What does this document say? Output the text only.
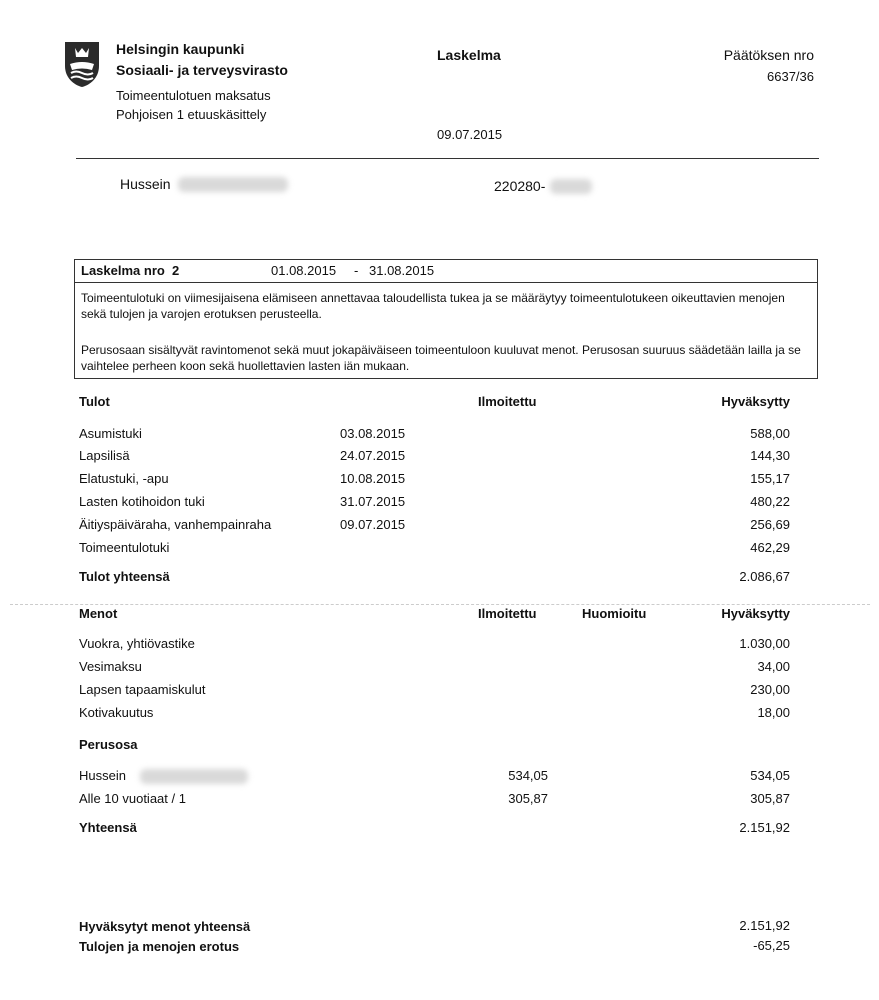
Helsingin kaupunki
Sosiaali- ja terveysvirasto
Toimeentulotuen maksatus
Pohjoisen 1 etuuskäsittely
Laskelma
09.07.2015
Päätöksen nro
6637/36
Hussein	220280-
Laskelma nro  2	01.08.2015 - 31.08.2015
Toimeentulotuki on viimesijaisena elämiseen annettavaa taloudellista tukea ja se määräytyy toimeentulotukeen oikeuttavien menojen sekä tulojen ja varojen erotuksen perusteella.
Perusosaan sisältyvät ravintomenot sekä muut jokapäiväiseen toimeentuloon kuuluvat menot. Perusosan suuruus säädetään lailla ja se vaihtelee perheen koon sekä huollettavien lasten iän mukaan.
Tulot	Ilmoitettu	Hyväksytty
Asumistuki	03.08.2015	588,00
Lapsilisä	24.07.2015	144,30
Elatustuki, -apu	10.08.2015	155,17
Lasten kotihoidon tuki	31.07.2015	480,22
Äitiyspäiväraha, vanhempainraha	09.07.2015	256,69
Toimeentulotuki	462,29
Tulot yhteensä	2.086,67
Menot	Ilmoitettu	Huomioitu	Hyväksytty
Vuokra, yhtiövastike	1.030,00
Vesimaksu	34,00
Lapsen tapaamiskulut	230,00
Kotivakuutus	18,00
Perusosa
Hussein	534,05	534,05
Alle 10 vuotiaat / 1	305,87	305,87
Yhteensä	2.151,92
Hyväksytyt menot yhteensä	2.151,92
Tulojen ja menojen erotus	-65,25
